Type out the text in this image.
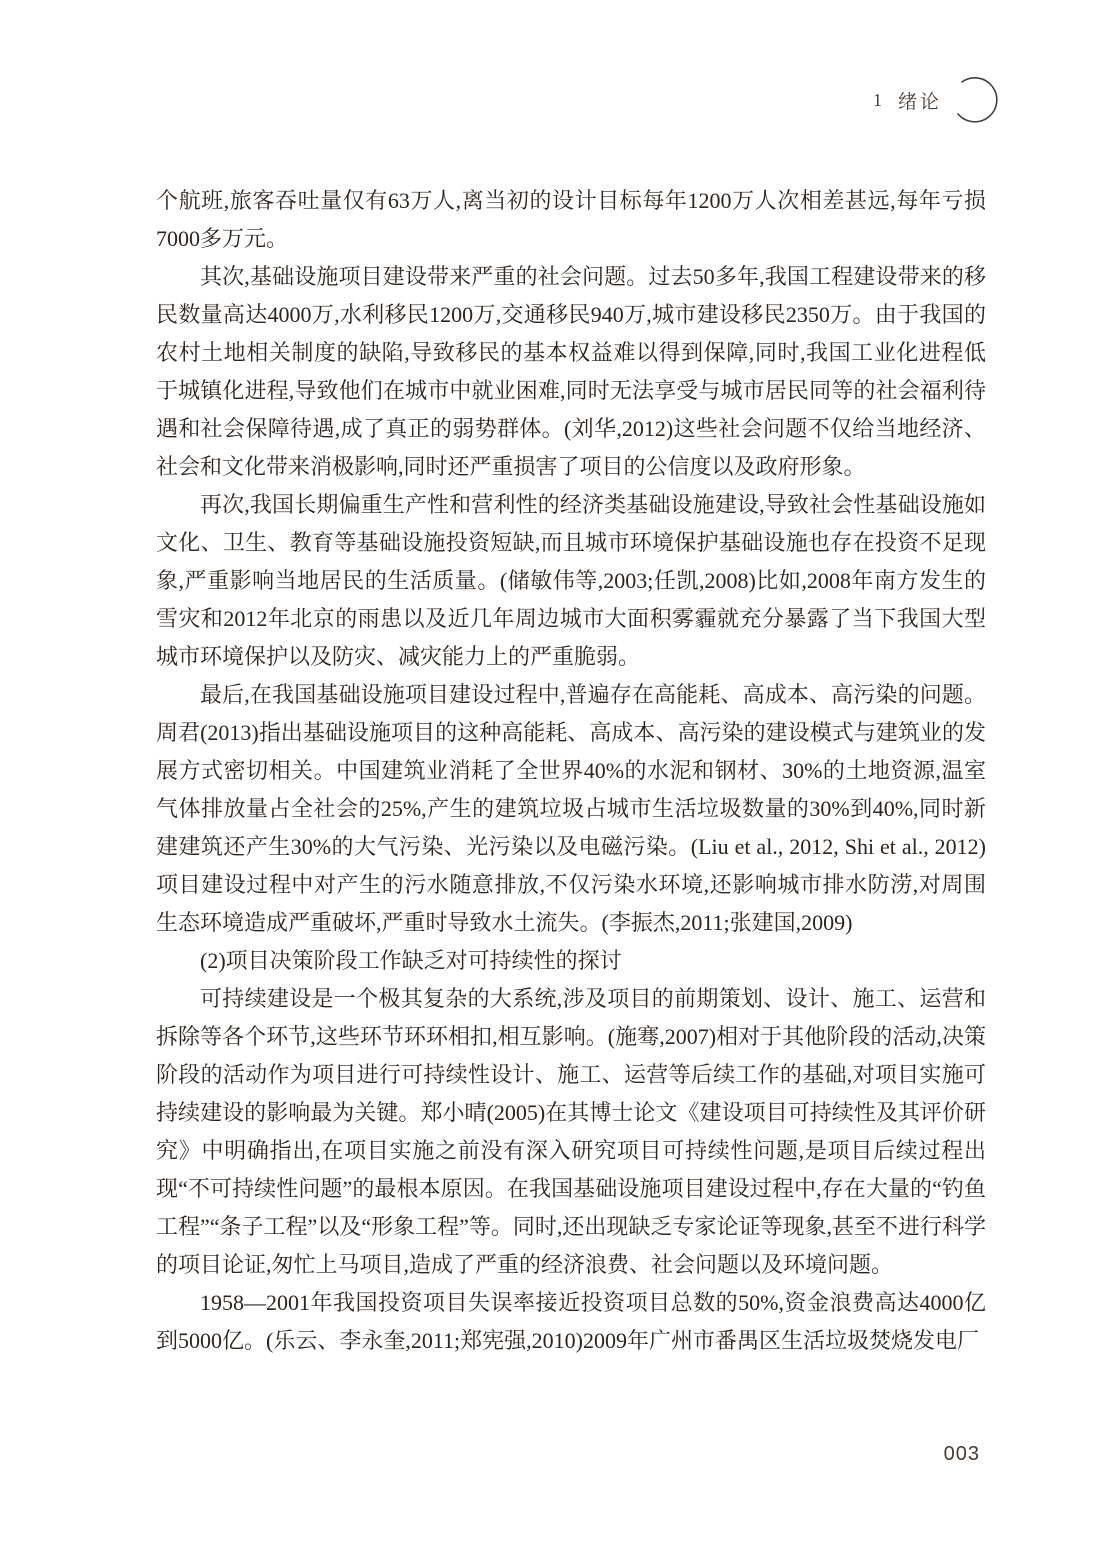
1 绪论

个航班,旅客吞吐量仅有63万人,离当初的设计目标每年1200万人次相差甚远,每年亏损7000多万元。

其次,基础设施项目建设带来严重的社会问题。过去50多年,我国工程建设带来的移民数量高达4000万,水利移民1200万,交通移民940万,城市建设移民2350万。由于我国的农村土地相关制度的缺陷,导致移民的基本权益难以得到保障,同时,我国工业化进程低于城镇化进程,导致他们在城市中就业困难,同时无法享受与城市居民同等的社会福利待遇和社会保障待遇,成了真正的弱势群体。(刘华,2012)这些社会问题不仅给当地经济、社会和文化带来消极影响,同时还严重损害了项目的公信度以及政府形象。

再次,我国长期偏重生产性和营利性的经济类基础设施建设,导致社会性基础设施如文化、卫生、教育等基础设施投资短缺,而且城市环境保护基础设施也存在投资不足现象,严重影响当地居民的生活质量。(储敏伟等,2003;任凯,2008)比如,2008年南方发生的雪灾和2012年北京的雨患以及近几年周边城市大面积雾霾就充分暴露了当下我国大型城市环境保护以及防灾、减灾能力上的严重脆弱。

最后,在我国基础设施项目建设过程中,普遍存在高能耗、高成本、高污染的问题。周君(2013)指出基础设施项目的这种高能耗、高成本、高污染的建设模式与建筑业的发展方式密切相关。中国建筑业消耗了全世界40%的水泥和钢材、30%的土地资源,温室气体排放量占全社会的25%,产生的建筑垃圾占城市生活垃圾数量的30%到40%,同时新建建筑还产生30%的大气污染、光污染以及电磁污染。(Liu et al., 2012, Shi et al., 2012)项目建设过程中对产生的污水随意排放,不仅污染水环境,还影响城市排水防涝,对周围生态环境造成严重破坏,严重时导致水土流失。(李振杰,2011;张建国,2009)

(2)项目决策阶段工作缺乏对可持续性的探讨

可持续建设是一个极其复杂的大系统,涉及项目的前期策划、设计、施工、运营和拆除等各个环节,这些环节环环相扣,相互影响。(施骞,2007)相对于其他阶段的活动,决策阶段的活动作为项目进行可持续性设计、施工、运营等后续工作的基础,对项目实施可持续建设的影响最为关键。郑小晴(2005)在其博士论文《建设项目可持续性及其评价研究》中明确指出,在项目实施之前没有深入研究项目可持续性问题,是项目后续过程出现“不可持续性问题”的最根本原因。在我国基础设施项目建设过程中,存在大量的“钓鱼工程”“条子工程”以及“形象工程”等。同时,还出现缺乏专家论证等现象,甚至不进行科学的项目论证,匆忙上马项目,造成了严重的经济浪费、社会问题以及环境问题。

1958—2001年我国投资项目失误率接近投资项目总数的50%,资金浪费高达4000亿到5000亿。(乐云、李永奎,2011;郑宪强,2010)2009年广州市番禺区生活垃圾焚烧发电厂

003
